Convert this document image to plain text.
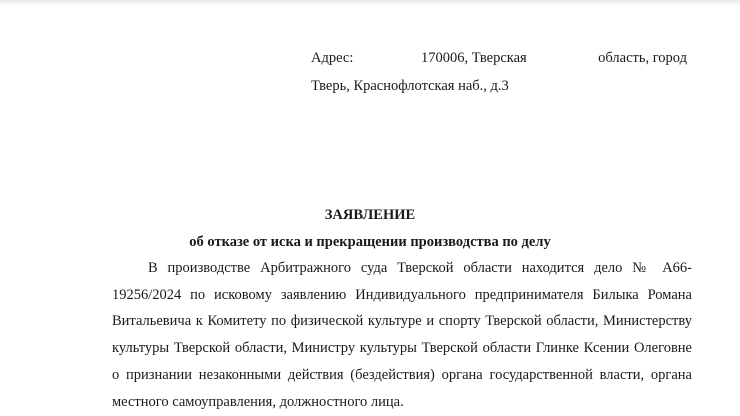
Адрес:	170006, Тверская	область, город
Тверь, Краснофлотская наб., д.3
ЗАЯВЛЕНИЕ
об отказе от иска и прекращении производства по делу

В производстве Арбитражного суда Тверской области находится дело № А66-19256/2024 по исковому заявлению Индивидуального предпринимателя Билыка Романа Витальевича к Комитету по физической культуре и спорту Тверской области, Министерству культуры Тверской области, Министру культуры Тверской области Глинке Ксении Олеговне о признании незаконными действия (бездействия) органа государственной власти, органа местного самоуправления, должностного лица.
